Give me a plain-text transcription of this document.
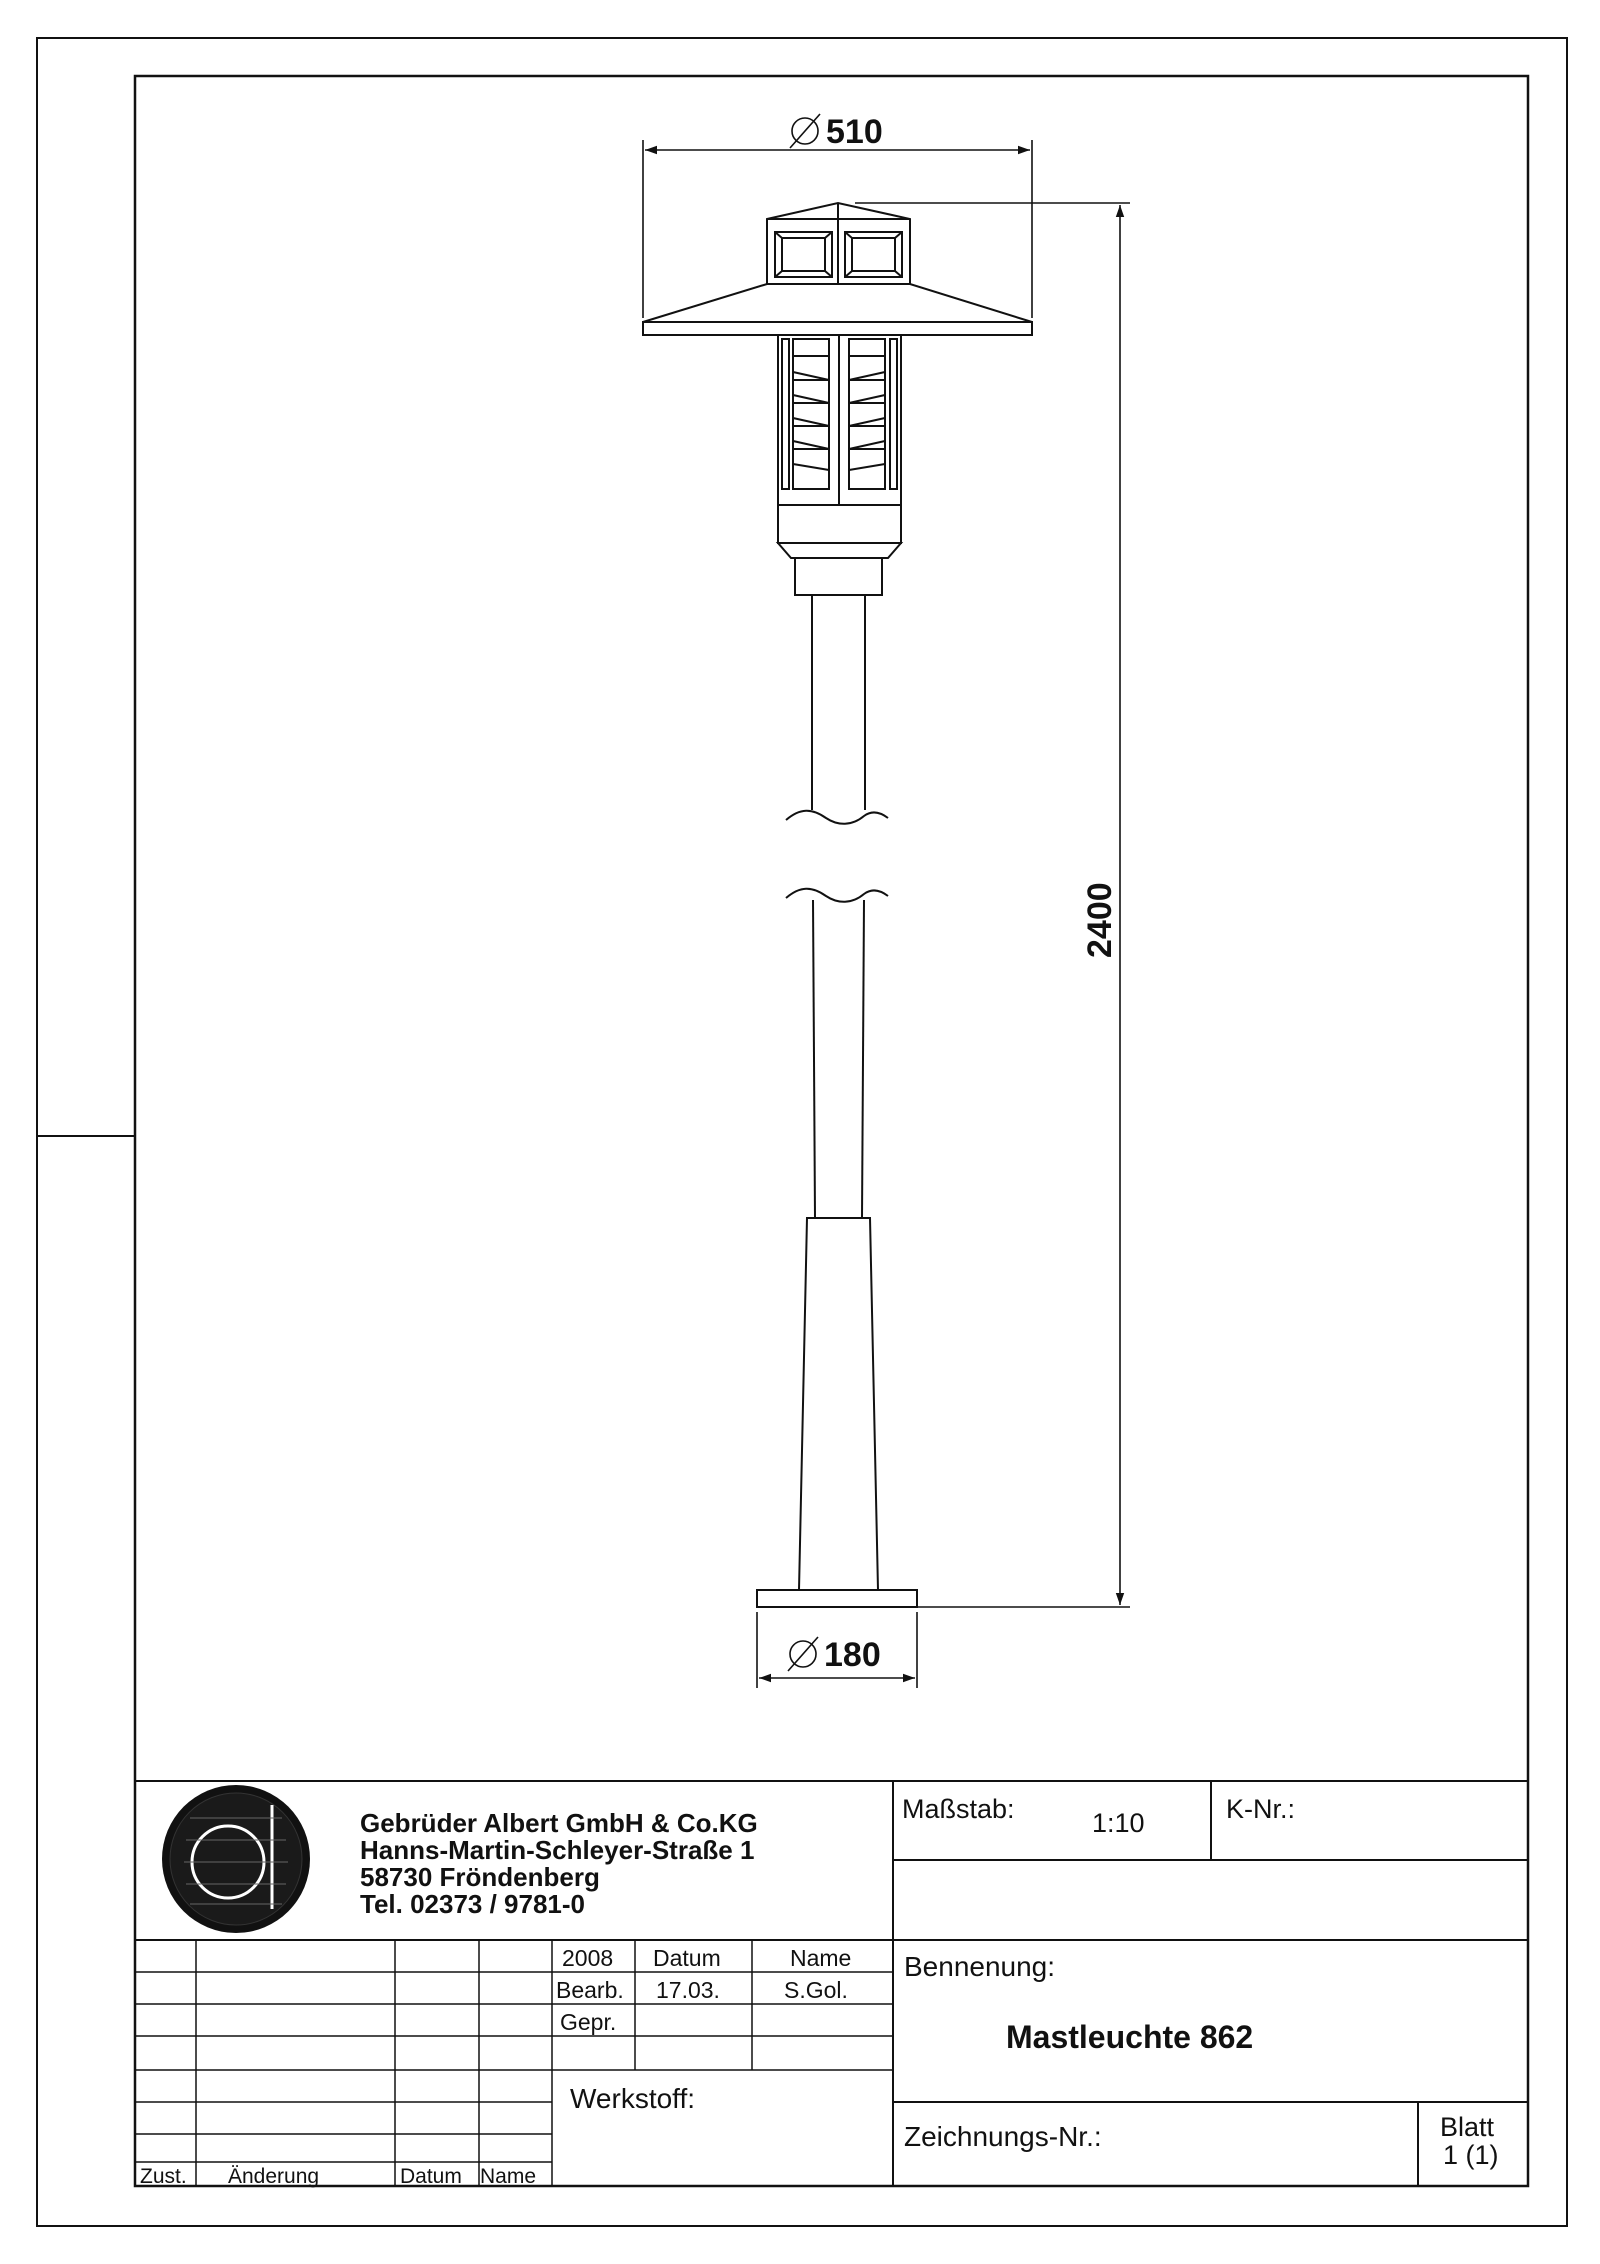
510
180
2400
Gebrüder Albert GmbH & Co.KG
Hanns-Martin-Schleyer-Straße 1
58730 Fröndenberg
Tel. 02373 / 9781-0
Maßstab:	1:10	K-Nr.:
2008 Datum	Name
Bearb. 17.03.	S.Gol.
Gepr.
Werkstoff:
Bennenung:
Mastleuchte 862
Zeichnungs-Nr.:	Blatt
1 (1)
Zust. Änderung	Datum Name
